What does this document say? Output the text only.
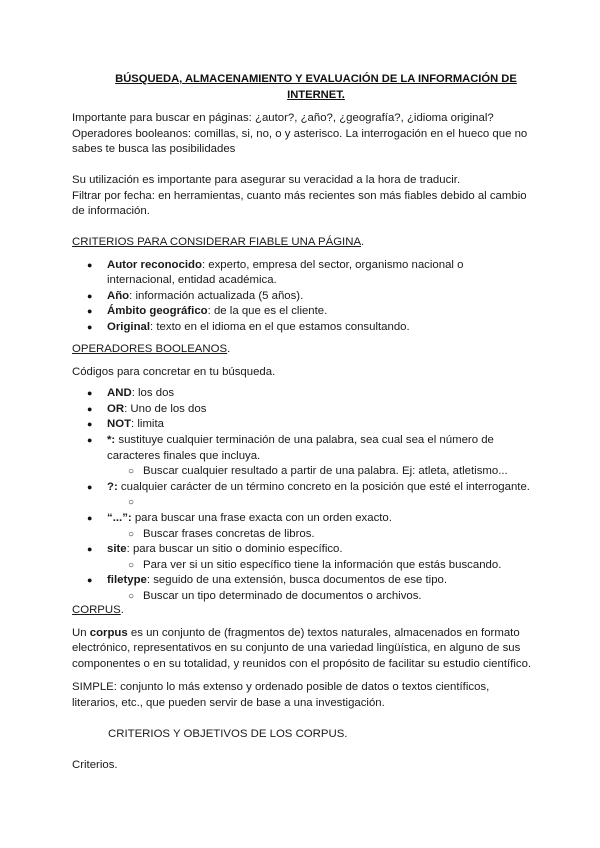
BÚSQUEDA, ALMACENAMIENTO Y EVALUACIÓN DE LA INFORMACIÓN DE INTERNET.

Importante para buscar en páginas: ¿autor?, ¿año?, ¿geografía?, ¿idioma original?

Operadores booleanos: comillas, si, no, o y asterisco. La interrogación en el hueco que no sabes te busca las posibilidades

Su utilización es importante para asegurar su veracidad a la hora de traducir.

Filtrar por fecha: en herramientas, cuanto más recientes son más fiables debido al cambio de información.

CRITERIOS PARA CONSIDERAR FIABLE UNA PÁGINA.

● Autor reconocido: experto, empresa del sector, organismo nacional o internacional, entidad académica.
● Año: información actualizada (5 años).
● Ámbito geográfico: de la que es el cliente.
● Original: texto en el idioma en el que estamos consultando.

OPERADORES BOOLEANOS.

Códigos para concretar en tu búsqueda.

● AND: los dos
● OR: Uno de los dos
● NOT: limita
● *: sustituye cualquier terminación de una palabra, sea cual sea el número de caracteres finales que incluya.
○ Buscar cualquier resultado a partir de una palabra. Ej: atleta, atletismo...
● ?: cualquier carácter de un término concreto en la posición que esté el interrogante.
○
● “...”: para buscar una frase exacta con un orden exacto.
○ Buscar frases concretas de libros.
● site: para buscar un sitio o dominio específico.
○ Para ver si un sitio específico tiene la información que estás buscando.
● filetype: seguido de una extensión, busca documentos de ese tipo.
○ Buscar un tipo determinado de documentos o archivos.

CORPUS.

Un corpus es un conjunto de (fragmentos de) textos naturales, almacenados en formato electrónico, representativos en su conjunto de una variedad lingüística, en alguno de sus componentes o en su totalidad, y reunidos con el propósito de facilitar su estudio científico.

SIMPLE: conjunto lo más extenso y ordenado posible de datos o textos científicos, literarios, etc., que pueden servir de base a una investigación.

CRITERIOS Y OBJETIVOS DE LOS CORPUS.
Criterios.
